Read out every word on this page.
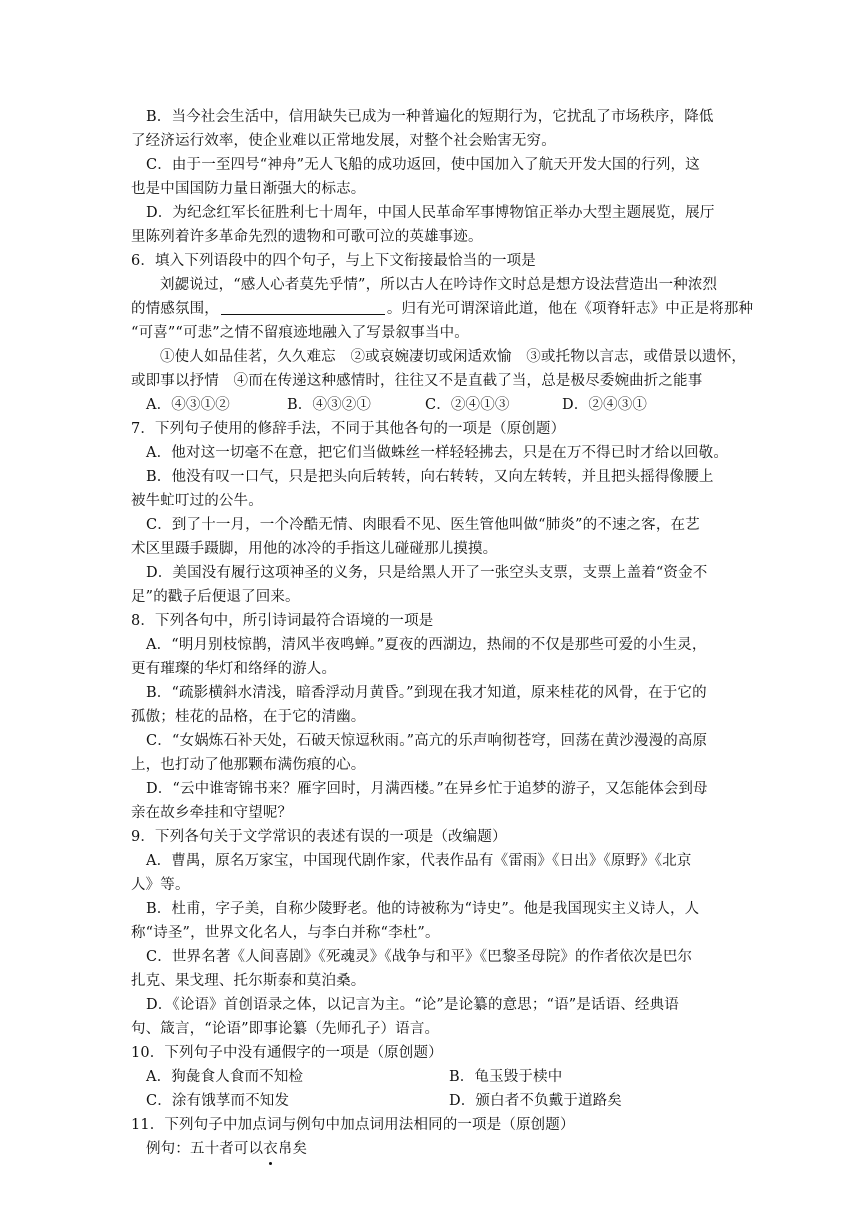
B．当今社会生活中，信用缺失已成为一种普遍化的短期行为，它扰乱了市场秩序，降低
了经济运行效率，使企业难以正常地发展，对整个社会贻害无穷。
C．由于一至四号“神舟”无人飞船的成功返回，使中国加入了航天开发大国的行列，这
也是中国国防力量日渐强大的标志。
D．为纪念红军长征胜利七十周年，中国人民革命军事博物馆正举办大型主题展览，展厅
里陈列着许多革命先烈的遗物和可歌可泣的英雄事迹。
6．填入下列语段中的四个句子，与上下文衔接最恰当的一项是
刘勰说过，“感人心者莫先乎情”，所以古人在吟诗作文时总是想方设法营造出一种浓烈
的情感氛围，	。归有光可谓深谙此道，他在《项脊轩志》中正是将那种
“可喜”“可悲”之情不留痕迹地融入了写景叙事当中。
①使人如品佳茗，久久难忘　②或哀婉凄切或闲适欢愉　③或托物以言志，或借景以遗怀，
或即事以抒情　④而在传递这种感情时，往往又不是直截了当，总是极尽委婉曲折之能事
A．④③①②	B．④③②①	C．②④①③	D．②④③①
7．下列句子使用的修辞手法，不同于其他各句的一项是（原创题）
A．他对这一切毫不在意，把它们当做蛛丝一样轻轻拂去，只是在万不得已时才给以回敬。
B．他没有叹一口气，只是把头向后转转，向右转转，又向左转转，并且把头摇得像腰上
被牛虻叮过的公牛。
C．到了十一月，一个冷酷无情、肉眼看不见、医生管他叫做“肺炎”的不速之客，在艺
术区里蹑手蹑脚，用他的冰冷的手指这儿碰碰那儿摸摸。
D．美国没有履行这项神圣的义务，只是给黑人开了一张空头支票，支票上盖着“资金不
足”的戳子后便退了回来。
8．下列各句中，所引诗词最符合语境的一项是
A．“明月别枝惊鹊，清风半夜鸣蝉。”夏夜的西湖边，热闹的不仅是那些可爱的小生灵，
更有璀璨的华灯和络绎的游人。
B．“疏影横斜水清浅，暗香浮动月黄昏。”到现在我才知道，原来桂花的风骨，在于它的
孤傲；桂花的品格，在于它的清幽。
C．“女娲炼石补天处，石破天惊逗秋雨。”高亢的乐声响彻苍穹，回荡在黄沙漫漫的高原
上，也打动了他那颗布满伤痕的心。
D．“云中谁寄锦书来？雁字回时，月满西楼。”在异乡忙于追梦的游子，又怎能体会到母
亲在故乡牵挂和守望呢？
9．下列各句关于文学常识的表述有误的一项是（改编题）
A．曹禺，原名万家宝，中国现代剧作家，代表作品有《雷雨》《日出》《原野》《北京
人》等。
B．杜甫，字子美，自称少陵野老。他的诗被称为“诗史”。他是我国现实主义诗人，人
称“诗圣”，世界文化名人，与李白并称“李杜”。
C．世界名著《人间喜剧》《死魂灵》《战争与和平》《巴黎圣母院》的作者依次是巴尔
扎克、果戈理、托尔斯泰和莫泊桑。
D．《论语》首创语录之体，以记言为主。“论”是论纂的意思；“语”是话语、经典语
句、箴言，“论语”即事论纂（先师孔子）语言。
10．下列句子中没有通假字的一项是（原创题）
A．狗彘食人食而不知检	B．龟玉毁于椟中
C．涂有饿莩而不知发	D．颁白者不负戴于道路矣
11．下列句子中加点词与例句中加点词用法相同的一项是（原创题）
例句：五十者可以衣帛矣
